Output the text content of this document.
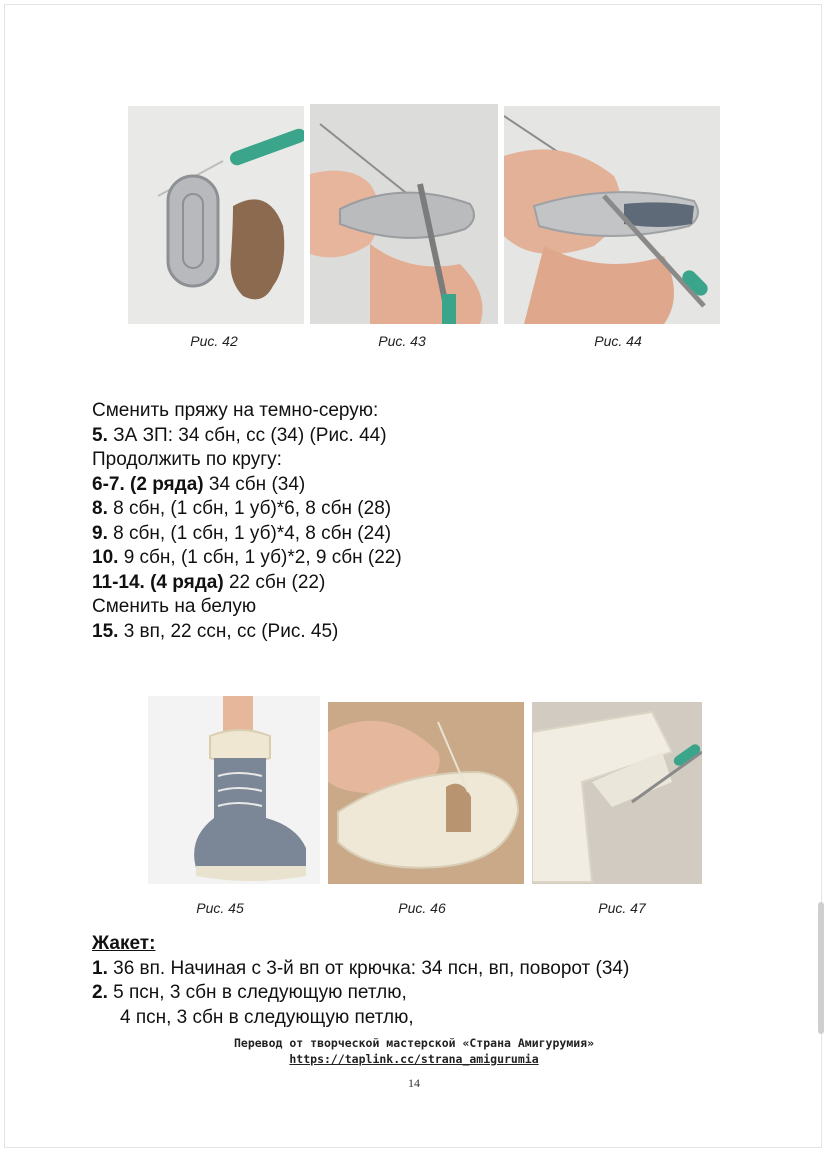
Рис. 42	Рис. 43	Рис. 44
Сменить пряжу на темно-серую:
5. ЗА ЗП: 34 сбн, сс (34) (Рис. 44)
Продолжить по кругу:
6-7. (2 ряда) 34 сбн (34)
8. 8 сбн, (1 сбн, 1 уб)*6, 8 сбн (28)
9. 8 сбн, (1 сбн, 1 уб)*4, 8 сбн (24)
10. 9 сбн, (1 сбн, 1 уб)*2, 9 сбн (22)
11-14. (4 ряда) 22 сбн (22)
Сменить на белую
15. 3 вп, 22 ссн, сс (Рис. 45)
Рис. 45	Рис. 46	Рис. 47
Жакет:
1. 36 вп. Начиная с 3-й вп от крючка: 34 псн, вп, поворот (34)
2. 5 псн, 3 сбн в следующую петлю,
4 псн, 3 сбн в следующую петлю,
Перевод от творческой мастерской «Страна Амигурумия»
https://taplink.cc/strana_amigurumia
14
